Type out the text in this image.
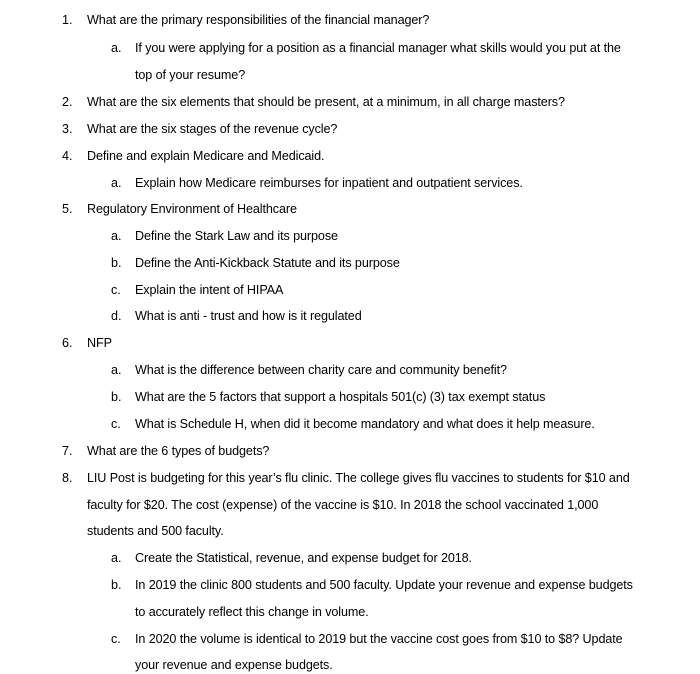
1. What are the primary responsibilities of the financial manager?
a. If you were applying for a position as a financial manager what skills would you put at the
top of your resume?
2. What are the six elements that should be present, at a minimum, in all charge masters?
3. What are the six stages of the revenue cycle?
4. Define and explain Medicare and Medicaid.
a. Explain how Medicare reimburses for inpatient and outpatient services.
5. Regulatory Environment of Healthcare
a. Define the Stark Law and its purpose
b. Define the Anti-Kickback Statute and its purpose
c. Explain the intent of HIPAA
d. What is anti - trust and how is it regulated
6. NFP
a. What is the difference between charity care and community benefit?
b. What are the 5 factors that support a hospitals 501(c) (3) tax exempt status
c. What is Schedule H, when did it become mandatory and what does it help measure.
7. What are the 6 types of budgets?
8. LIU Post is budgeting for this year’s flu clinic. The college gives flu vaccines to students for $10 and
faculty for $20. The cost (expense) of the vaccine is $10. In 2018 the school vaccinated 1,000
students and 500 faculty.
a. Create the Statistical, revenue, and expense budget for 2018.
b. In 2019 the clinic 800 students and 500 faculty. Update your revenue and expense budgets
to accurately reflect this change in volume.
c. In 2020 the volume is identical to 2019 but the vaccine cost goes from $10 to $8? Update
your revenue and expense budgets.
